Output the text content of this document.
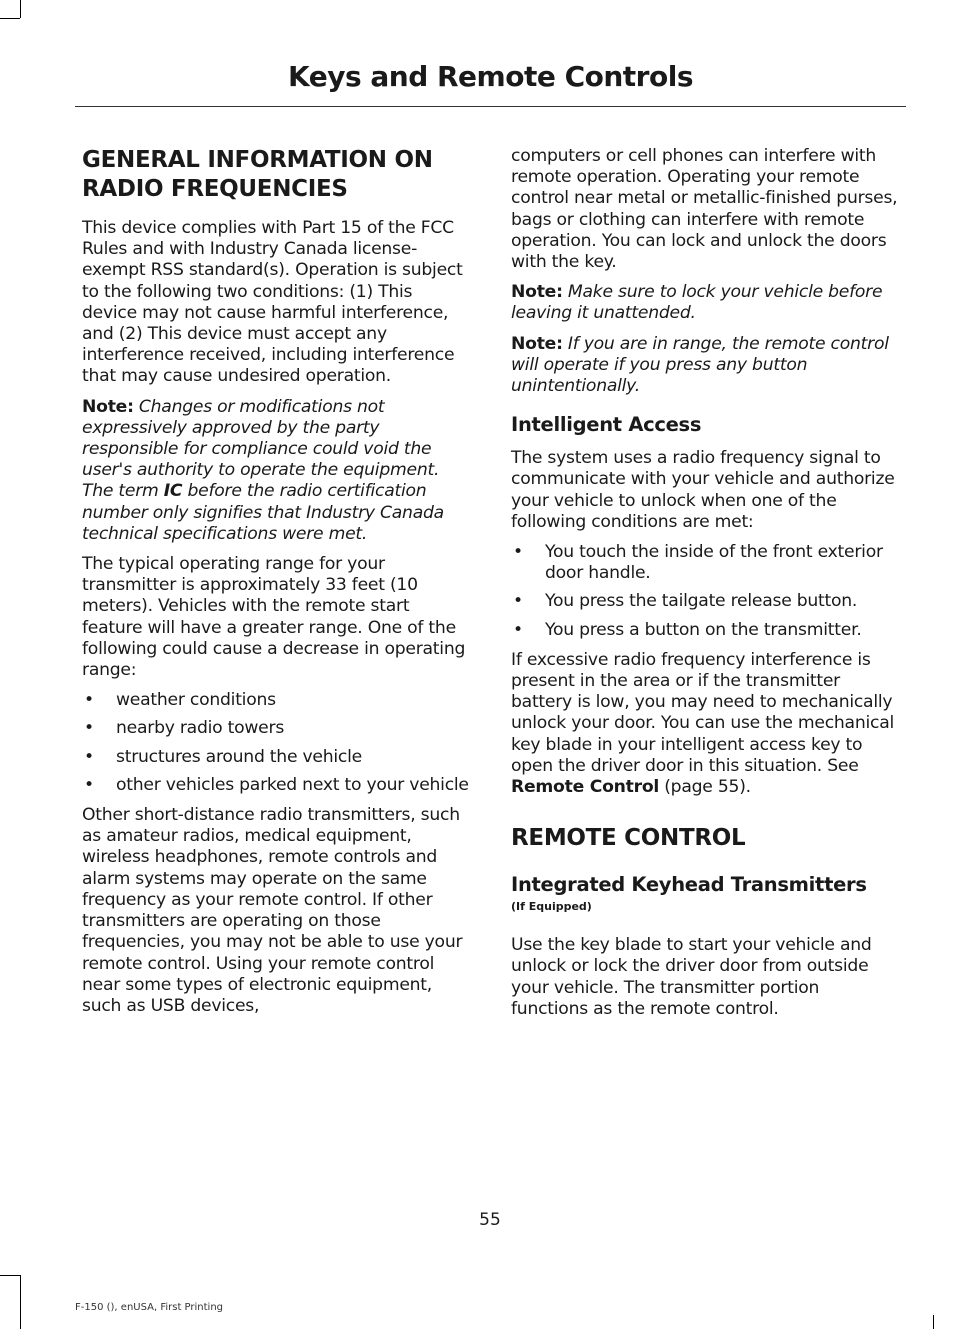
Keys and Remote Controls
GENERAL INFORMATION ON RADIO FREQUENCIES

This device complies with Part 15 of the FCC Rules and with Industry Canada license-exempt RSS standard(s). Operation is subject to the following two conditions: (1) This device may not cause harmful interference, and (2) This device must accept any interference received, including interference that may cause undesired operation.

Note: Changes or modifications not expressively approved by the party responsible for compliance could void the user's authority to operate the equipment. The term IC before the radio certification number only signifies that Industry Canada technical specifications were met.

The typical operating range for your transmitter is approximately 33 feet (10 meters). Vehicles with the remote start feature will have a greater range. One of the following could cause a decrease in operating range:

• weather conditions
• nearby radio towers
• structures around the vehicle
• other vehicles parked next to your vehicle

Other short-distance radio transmitters, such as amateur radios, medical equipment, wireless headphones, remote controls and alarm systems may operate on the same frequency as your remote control. If other transmitters are operating on those frequencies, you may not be able to use your remote control. Using your remote control near some types of electronic equipment, such as USB devices,

computers or cell phones can interfere with remote operation. Operating your remote control near metal or metallic-finished purses, bags or clothing can interfere with remote operation. You can lock and unlock the doors with the key.

Note: Make sure to lock your vehicle before leaving it unattended.

Note: If you are in range, the remote control will operate if you press any button unintentionally.

Intelligent Access

The system uses a radio frequency signal to communicate with your vehicle and authorize your vehicle to unlock when one of the following conditions are met:

• You touch the inside of the front exterior door handle.
• You press the tailgate release button.
• You press a button on the transmitter.

If excessive radio frequency interference is present in the area or if the transmitter battery is low, you may need to mechanically unlock your door. You can use the mechanical key blade in your intelligent access key to open the driver door in this situation. See Remote Control (page 55).

REMOTE CONTROL
Integrated Keyhead Transmitters
(If Equipped)

Use the key blade to start your vehicle and unlock or lock the driver door from outside your vehicle. The transmitter portion functions as the remote control.

55
F-150 (), enUSA, First Printing
